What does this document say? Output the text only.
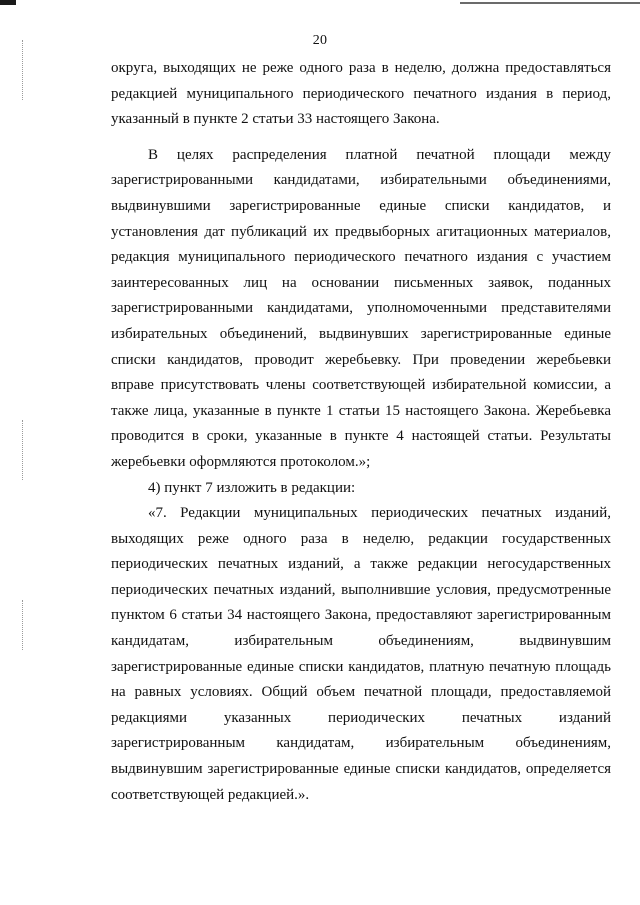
20

округа, выходящих не реже одного раза в неделю, должна предоставляться
редакцией муниципального периодического печатного издания в период,
указанный в пункте 2 статьи 33 настоящего Закона.

В целях распределения платной печатной площади между
зарегистрированными кандидатами, избирательными объединениями,
выдвинувшими зарегистрированные единые списки кандидатов, и
установления дат публикаций их предвыборных агитационных материалов,
редакция муниципального периодического печатного издания с участием
заинтересованных лиц на основании письменных заявок, поданных
зарегистрированными кандидатами, уполномоченными представителями
избирательных объединений, выдвинувших зарегистрированные единые
списки кандидатов, проводит жеребьевку. При проведении жеребьевки
вправе присутствовать члены соответствующей избирательной комиссии, а
также лица, указанные в пункте 1 статьи 15 настоящего Закона. Жеребьевка
проводится в сроки, указанные в пункте 4 настоящей статьи. Результаты
жеребьевки оформляются протоколом.»;

4) пункт 7 изложить в редакции:

«7. Редакции муниципальных периодических печатных изданий,
выходящих реже одного раза в неделю, редакции государственных
периодических печатных изданий, а также редакции негосударственных
периодических печатных изданий, выполнившие условия, предусмотренные
пунктом 6 статьи 34 настоящего Закона, предоставляют зарегистрированным
кандидатам, избирательным объединениям, выдвинувшим
зарегистрированные единые списки кандидатов, платную печатную площадь
на равных условиях. Общий объем печатной площади, предоставляемой
редакциями указанных периодических печатных изданий
зарегистрированным кандидатам, избирательным объединениям,
выдвинувшим зарегистрированные единые списки кандидатов, определяется
соответствующей редакцией.».
